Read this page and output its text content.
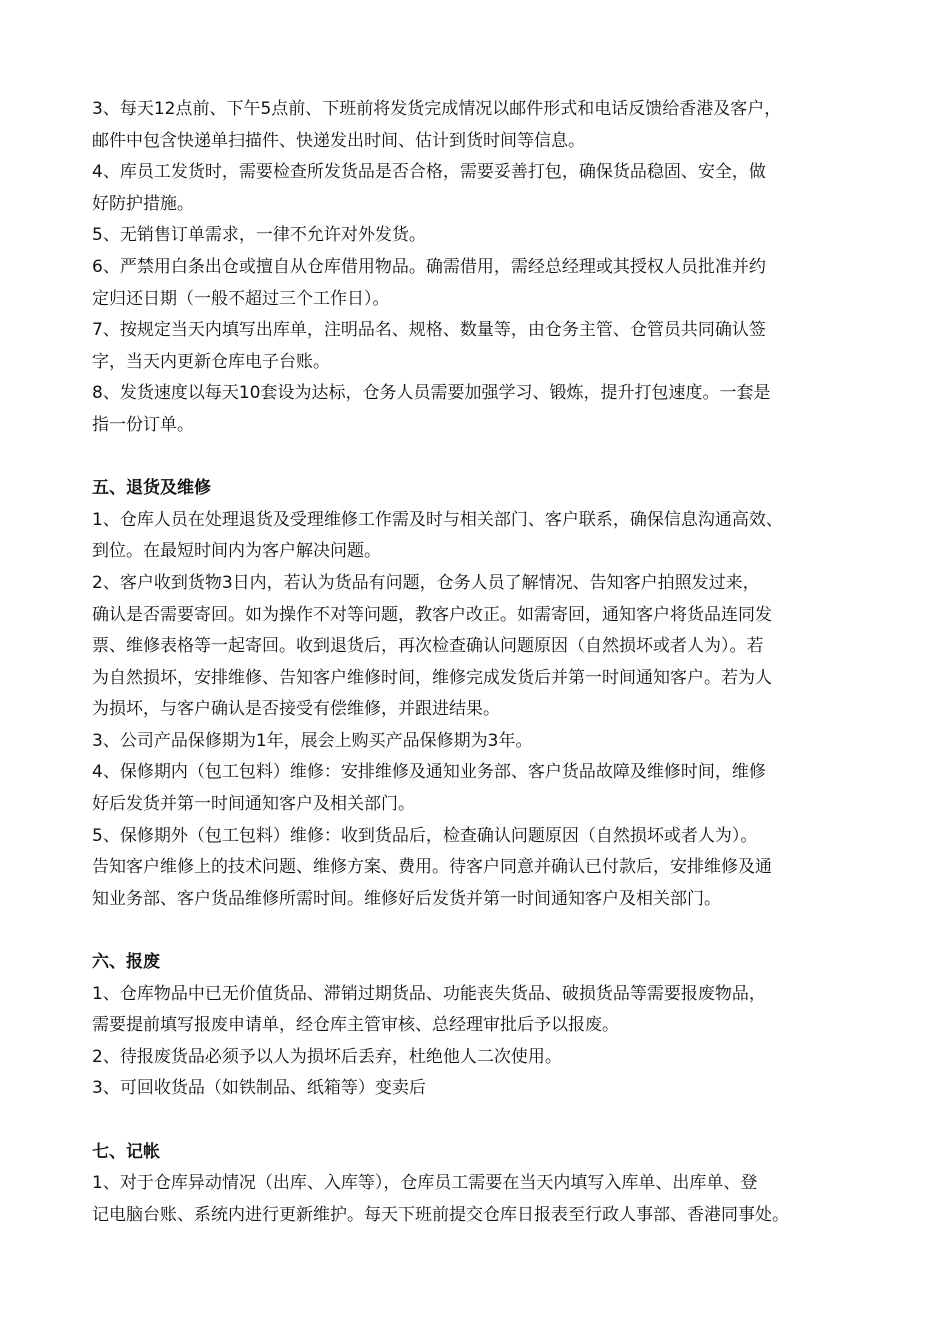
3、每天12点前、下午5点前、下班前将发货完成情况以邮件形式和电话反馈给香港及客户，
邮件中包含快递单扫描件、快递发出时间、估计到货时间等信息。

4、库员工发货时，需要检查所发货品是否合格，需要妥善打包，确保货品稳固、安全，做
好防护措施。

5、无销售订单需求，一律不允许对外发货。

6、严禁用白条出仓或擅自从仓库借用物品。确需借用，需经总经理或其授权人员批准并约
定归还日期（一般不超过三个工作日）。

7、按规定当天内填写出库单，注明品名、规格、数量等，由仓务主管、仓管员共同确认签
字，当天内更新仓库电子台账。

8、发货速度以每天10套设为达标，仓务人员需要加强学习、锻炼，提升打包速度。一套是
指一份订单。

五、退货及维修

1、仓库人员在处理退货及受理维修工作需及时与相关部门、客户联系，确保信息沟通高效、
到位。在最短时间内为客户解决问题。

2、客户收到货物3日内，若认为货品有问题，仓务人员了解情况、告知客户拍照发过来，
确认是否需要寄回。如为操作不对等问题，教客户改正。如需寄回，通知客户将货品连同发
票、维修表格等一起寄回。收到退货后，再次检查确认问题原因（自然损坏或者人为）。若
为自然损坏，安排维修、告知客户维修时间，维修完成发货后并第一时间通知客户。若为人
为损坏，与客户确认是否接受有偿维修，并跟进结果。

3、公司产品保修期为1年，展会上购买产品保修期为3年。

4、保修期内（包工包料）维修：安排维修及通知业务部、客户货品故障及维修时间，维修
好后发货并第一时间通知客户及相关部门。

5、保修期外（包工包料）维修：收到货品后，检查确认问题原因（自然损坏或者人为）。
告知客户维修上的技术问题、维修方案、费用。待客户同意并确认已付款后，安排维修及通
知业务部、客户货品维修所需时间。维修好后发货并第一时间通知客户及相关部门。

六、报废

1、仓库物品中已无价值货品、滞销过期货品、功能丧失货品、破损货品等需要报废物品，
需要提前填写报废申请单，经仓库主管审核、总经理审批后予以报废。

2、待报废货品必须予以人为损坏后丢弃，杜绝他人二次使用。

3、可回收货品（如铁制品、纸箱等）变卖后

七、记帐

1、对于仓库异动情况（出库、入库等），仓库员工需要在当天内填写入库单、出库单、登
记电脑台账、系统内进行更新维护。每天下班前提交仓库日报表至行政人事部、香港同事处。
